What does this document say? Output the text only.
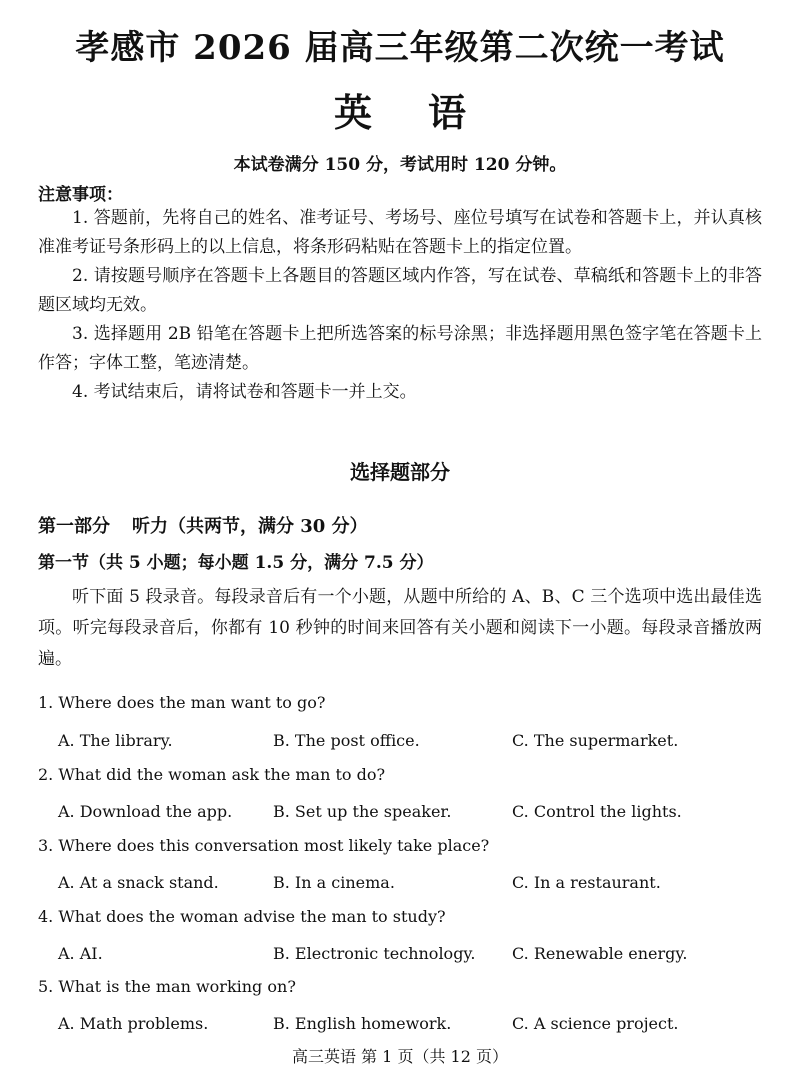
孝感市 2026 届高三年级第二次统一考试
英语
本试卷满分 150 分，考试用时 120 分钟。
注意事项：

1. 答题前，先将自己的姓名、准考证号、考场号、座位号填写在试卷和答题卡上，并认真核准准考证号条形码上的以上信息，将条形码粘贴在答题卡上的指定位置。

2. 请按题号顺序在答题卡上各题目的答题区域内作答，写在试卷、草稿纸和答题卡上的非答题区域均无效。

3. 选择题用 2B 铅笔在答题卡上把所选答案的标号涂黑；非选择题用黑色签字笔在答题卡上作答；字体工整，笔迹清楚。

4. 考试结束后，请将试卷和答题卡一并上交。

选择题部分
第一部分 听力（共两节，满分 30 分）
第一节（共 5 小题；每小题 1.5 分，满分 7.5 分）
听下面 5 段录音。每段录音后有一个小题，从题中所给的 A、B、C 三个选项中选出最佳选项。听完每段录音后，你都有 10 秒钟的时间来回答有关小题和阅读下一小题。每段录音播放两遍。
1. Where does the man want to go?
A. The library.	B. The post office.	C. The supermarket.
2. What did the woman ask the man to do?
A. Download the app.	B. Set up the speaker.	C. Control the lights.
3. Where does this conversation most likely take place?
A. At a snack stand.	B. In a cinema.	C. In a restaurant.
4. What does the woman advise the man to study?
A. AI.	B. Electronic technology. C. Renewable energy.
5. What is the man working on?
A. Math problems.	B. English homework.	C. A science project.
高三英语 第 1 页（共 12 页）
